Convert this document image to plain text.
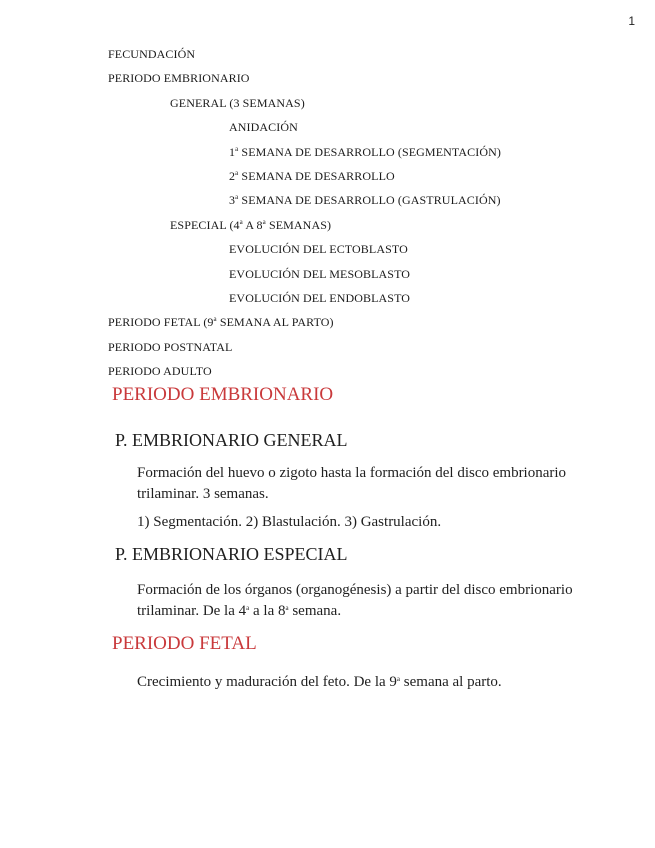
1
FECUNDACIÓN
PERIODO EMBRIONARIO
GENERAL (3 SEMANAS)
ANIDACIÓN
1$^a$ SEMANA DE DESARROLLO (SEGMENTACIÓN)
2$^a$ SEMANA DE DESARROLLO
3$^a$ SEMANA DE DESARROLLO (GASTRULACIÓN)
ESPECIAL (4$^a$ A 8$^a$ SEMANAS)
EVOLUCIÓN DEL ECTOBLASTO
EVOLUCIÓN DEL MESOBLASTO
EVOLUCIÓN DEL ENDOBLASTO
PERIODO FETAL (9$^a$ SEMANA AL PARTO)
PERIODO POSTNATAL
PERIODO ADULTO
PERIODO EMBRIONARIO
P. EMBRIONARIO GENERAL

Formación del huevo o zigoto hasta la formación del disco embrionario trilaminar. 3 semanas.

1) Segmentación. 2) Blastulación. 3) Gastrulación.

P. EMBRIONARIO ESPECIAL

Formación de los órganos (organogénesis) a partir del disco embrionario trilaminar. De la 4$^a$ a la 8$^a$ semana.

PERIODO FETAL

Crecimiento y maduración del feto. De la 9$^a$ semana al parto.
